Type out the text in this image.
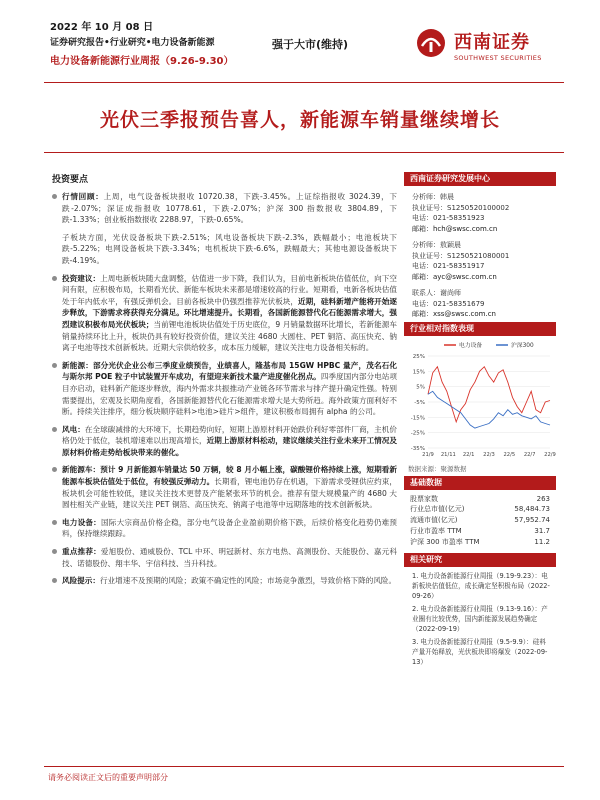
2022 年 10 月 08 日
证券研究报告•行业研究•电力设备新能源
电力设备新能源行业周报（9.26-9.30）
强于大市(维持)	西南证券
SOUTHWEST SECURITIES
光伏三季报预告喜人，新能源车销量继续增长
投资要点
行情回顾：上周，电气设备板块报收 10720.38，下跌-3.45%。上证综指报收 3024.39，下跌-2.07%；深证成指报收 10778.61，下跌-2.07%；沪深 300 指数报收 3804.89，下跌-1.33%；创业板指数报收 2288.97，下跌-0.65%。
子板块方面，光伏设备板块下跌-2.51%；风电设备板块下跌-2.3%，跌幅最小；电池板块下跌-5.22%；电网设备板块下跌-3.34%；电机板块下跌-6.6%，跌幅最大；其他电源设备板块下跌-4.19%。
投资建议：上周电新板块随大盘调整，估值进一步下降，我们认为，目前电新板块估值低位，向下空间有限，应积极布局，长期看光伏、新能车板块未来都是增速较高的行业。短期看，电新各板块估值处于年内低水平，有强反弹机会。目前各板块中仍强烈推荐光伏板块，近期，硅料新增产能将开始逐步释放，下游需求将获得充分满足。环比增速提升。长期看，各国新能源替代化石能源需求增大，强烈建议积极布局光伏板块；当前锂电池板块估值处于历史底位，9 月销量数据环比增长，若新能源车销量持续环比上升，板块仍具有较好投资价值，建议关注 4680 大圆柱、PET 铜箔、高压快充、钠离子电池等技术创新板块。近期大宗供给较多，成本压力缓解，建议关注电力设备相关标的。
新能源：部分光伏企业公布三季度业绩预告，业绩喜人，隆基布局 15GW HPBC 量产，茂名石化与斯尔邦 POE 粒子中试装置开车成功，有望迎来新技术量产进度催化拐点。四季度国内部分电站项目亦启动，硅料新产能逐步释放，海内外需求共振推动产业链各环节需求与排产提升确定性强。特别需要提出，宏观及长期角度看，各国新能源替代化石能源需求增大是大势所趋。海外政策方面利好不断。持续关注排序，细分板块顺序硅料>电池>硅片>组件，建议积极布局拥有 alpha 的公司。
风电：在全球碳减排的大环境下，长期趋势向好，短期上游原材料开始跌价利好零部件厂商，主机价格仍处于低位，装机增速难以出现高增长，近期上游原材料松动，建议继续关注行业未来开工情况及原材料价格走势给板块带来的催化。
新能源车：预计 9 月新能源车销量达 50 万辆，较 8 月小幅上涨，碳酸锂价格持续上涨，短期看新能源车板块估值处于低位，有较强反弹动力。长期看，锂电池仍存在机遇，下游需求受锂供应约束，板块机会可能性较低，建议关注技术更替及产能紧张环节的机会。推荐有望大规模量产的 4680 大圆柱相关产业链，建议关注 PET 铜箔、高压快充、钠离子电池等中远期落地的技术创新板块。
电力设备：国际大宗商品价格企稳，部分电气设备企业盈前期价格下跌，后续价格变化趋势仍难预料，保持继续跟踪。
重点推荐：爱旭股份、通威股份、TCL 中环、明冠新材、东方电热、高测股份、天能股份、嘉元科技、诺德股份、翔丰华、宇信科技、当升科技。
风险提示：行业增速不及预期的风险；政策不确定性的风险；市场竞争激烈，导致价格下降的风险。
西南证券研究发展中心
分析师：韩晨
执业证号：S1250520100002
电话：021-58351923
邮箱：hch@swsc.com.cn
分析师：敖颖晨
执业证号：S1250521080001
电话：021-58351917
邮箱：ayc@swsc.com.cn
联系人：谢尚师
电话：021-58351679
邮箱：xss@swsc.com.cn
行业相对指数表现
25%
15%
5%
-5%
-15%
-25%
-35%
21/9 21/11 22/1 22/3 22/5 22/7 22/9
电力设备	沪深300
数据来源：聚源数据
基础数据
股票家数	263
行业总市值(亿元)	58,484.73
流通市值(亿元)	57,952.74
行业市盈率 TTM	31.7
沪深 300 市盈率 TTM	11.2
相关研究
1. 电力设备新能源行业周报（9.19-9.23）：电新板块估值低位，成长确定坚积极布局（2022-09-26）
2. 电力设备新能源行业周报（9.13-9.16）：产业圈有比较优势，国内新能源发展趋势确定（2022-09-19）
3. 电力设备新能源行业周报（9.5-9.9）：硅料产量开始释放，光伏板块即将爆发（2022-09-13）
请务必阅读正文后的重要声明部分
